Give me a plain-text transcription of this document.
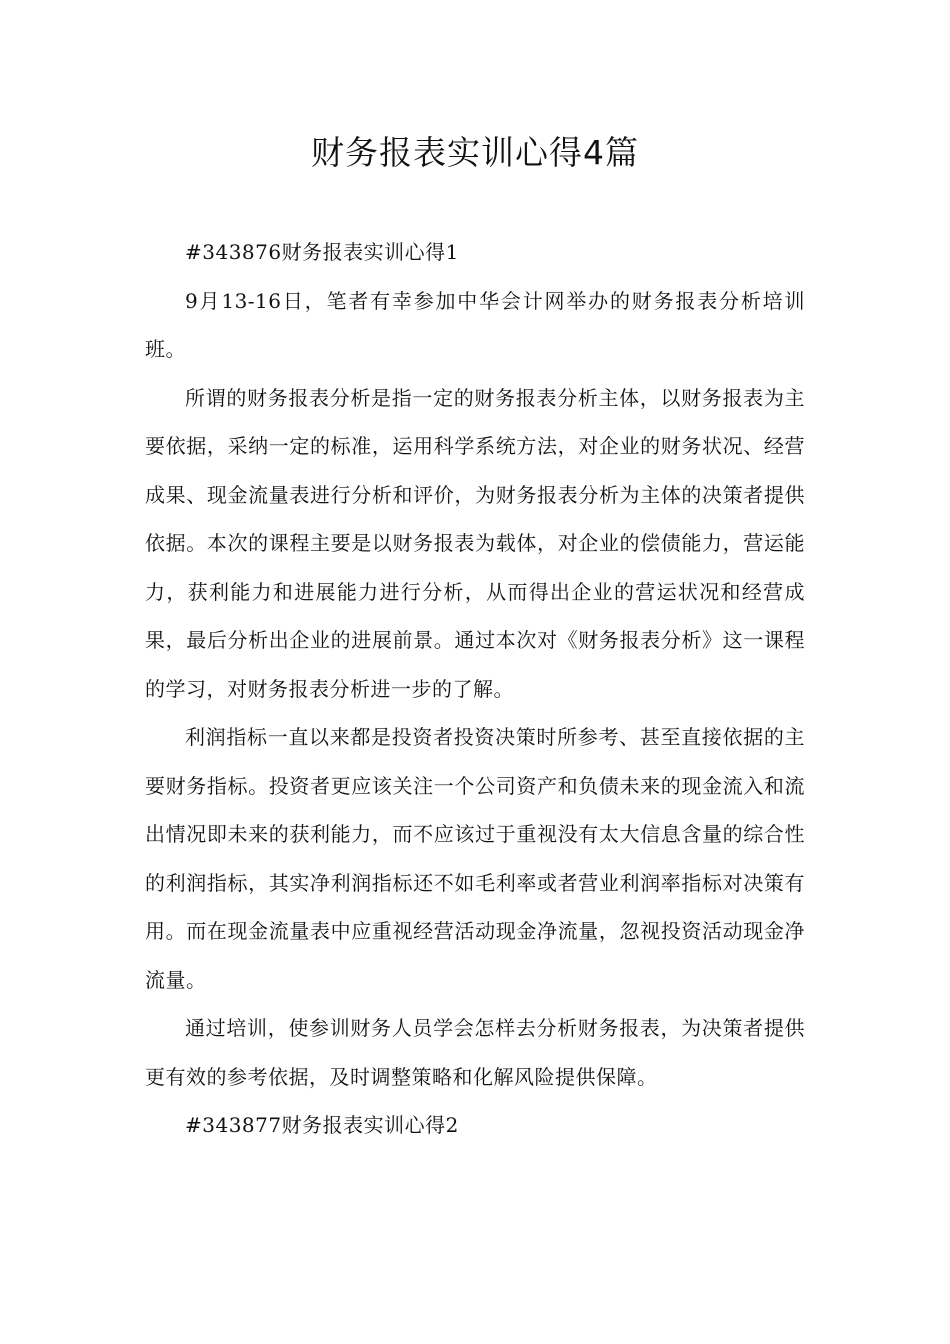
财务报表实训心得4篇

#343876财务报表实训心得1

9月13-16日，笔者有幸参加中华会计网举办的财务报表分析培训班。

所谓的财务报表分析是指一定的财务报表分析主体，以财务报表为主要依据，采纳一定的标准，运用科学系统方法，对企业的财务状况、经营成果、现金流量表进行分析和评价，为财务报表分析为主体的决策者提供依据。本次的课程主要是以财务报表为载体，对企业的偿债能力，营运能力，获利能力和进展能力进行分析，从而得出企业的营运状况和经营成果，最后分析出企业的进展前景。通过本次对《财务报表分析》这一课程的学习，对财务报表分析进一步的了解。

利润指标一直以来都是投资者投资决策时所参考、甚至直接依据的主要财务指标。投资者更应该关注一个公司资产和负债未来的现金流入和流出情况即未来的获利能力，而不应该过于重视没有太大信息含量的综合性的利润指标，其实净利润指标还不如毛利率或者营业利润率指标对决策有用。而在现金流量表中应重视经营活动现金净流量，忽视投资活动现金净流量。

通过培训，使参训财务人员学会怎样去分析财务报表，为决策者提供更有效的参考依据，及时调整策略和化解风险提供保障。

#343877财务报表实训心得2
